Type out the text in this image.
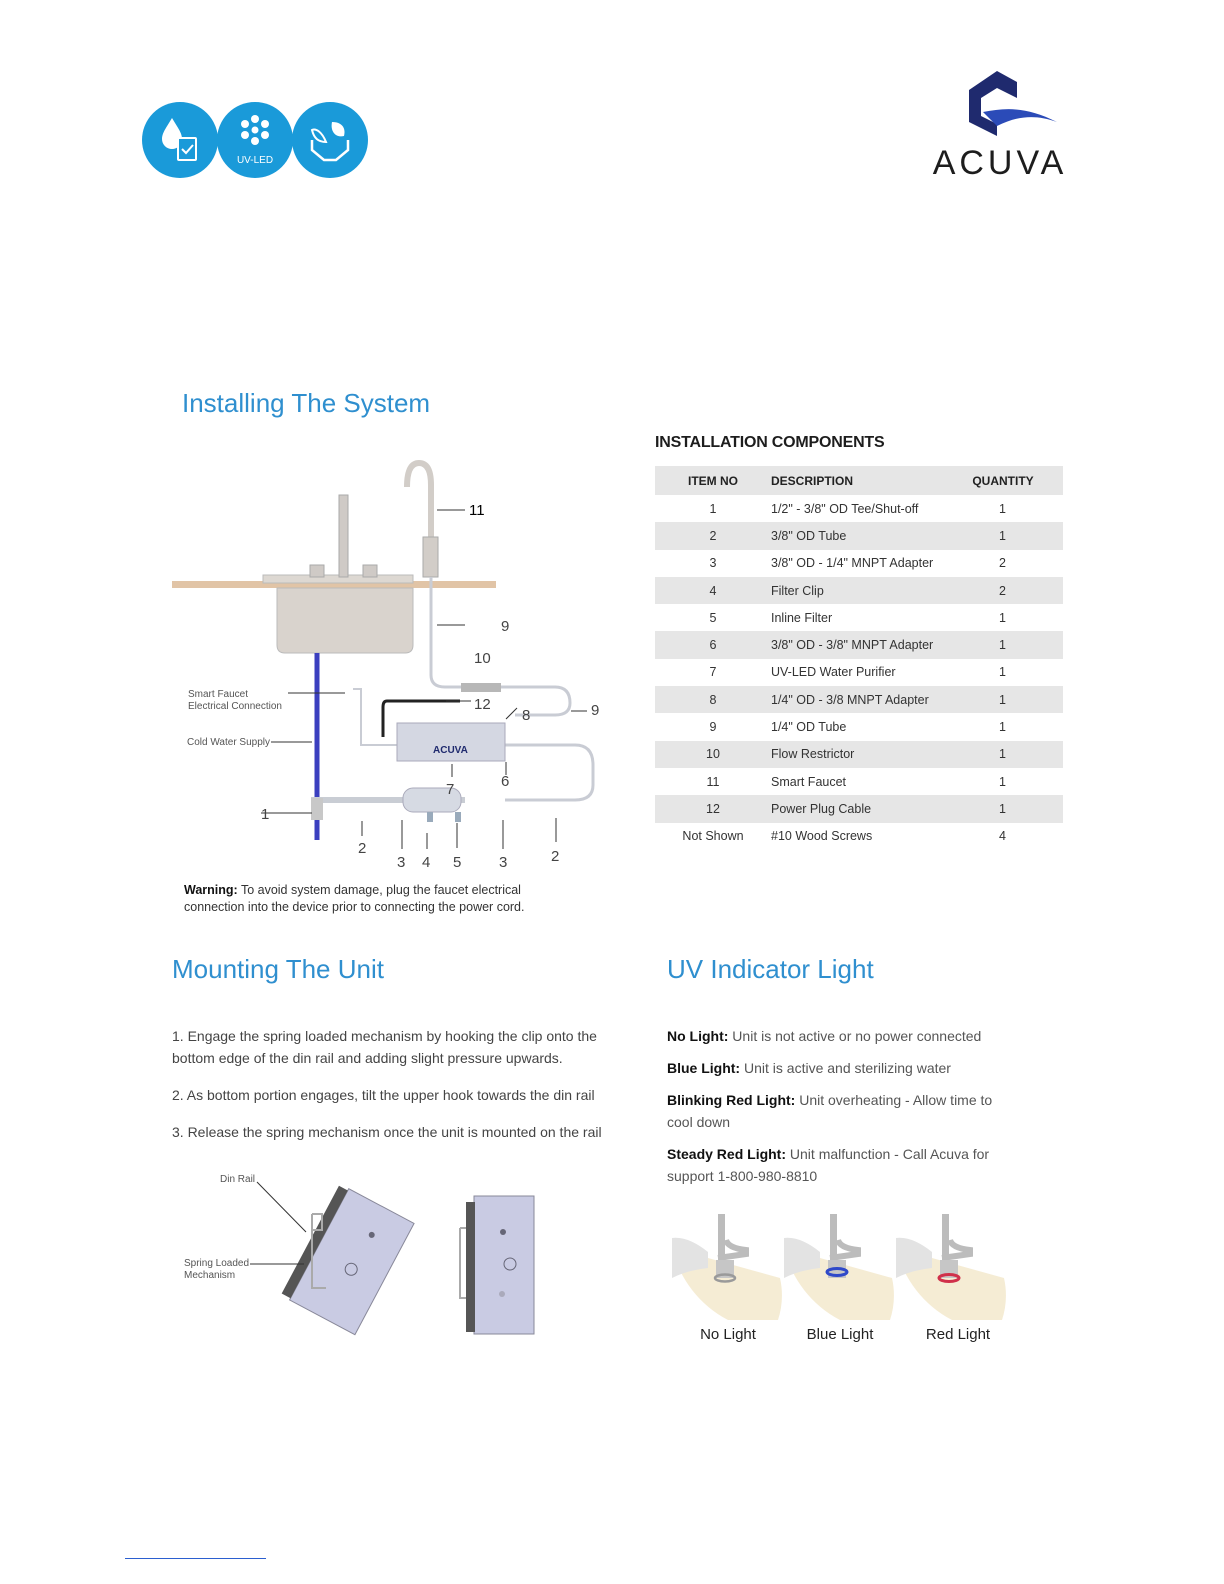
UV-LED	ACUVA
Installing The System
11
ACUVA
9
10
12
8	9
6
7
1
2
3 4 5	3	2
Smart Faucet Electrical Connection
Cold Water Supply
Warning: To avoid system damage, plug the faucet electrical connection into the device prior to connecting the power cord.
INSTALLATION COMPONENTS
ITEM NO	DESCRIPTION	QUANTITY
1	1/2" - 3/8" OD Tee/Shut-off	1
2	3/8" OD Tube	1
3	3/8" OD - 1/4" MNPT Adapter	2
4	Filter Clip	2
5	Inline Filter	1
6	3/8" OD - 3/8" MNPT Adapter	1
7	UV-LED Water Purifier	1
8	1/4" OD - 3/8 MNPT Adapter	1
9	1/4" OD Tube	1
10	Flow Restrictor	1
11	Smart Faucet	1
12	Power Plug Cable	1
Not Shown	#10 Wood Screws	4
Mounting The Unit

1. Engage the spring loaded mechanism by hooking the clip onto the bottom edge of the din rail and adding slight pressure upwards.

2. As bottom portion engages, tilt the upper hook towards the din rail

3. Release the spring mechanism once the unit is mounted on the rail

Din Rail
Spring Loaded Mechanism
UV Indicator Light

No Light: Unit is not active or no power connected

Blue Light: Unit is active and sterilizing water

Blinking Red Light: Unit overheating - Allow time to cool down

Steady Red Light: Unit malfunction - Call Acuva for support 1-800-980-8810

No Light	Blue Light	Red Light
